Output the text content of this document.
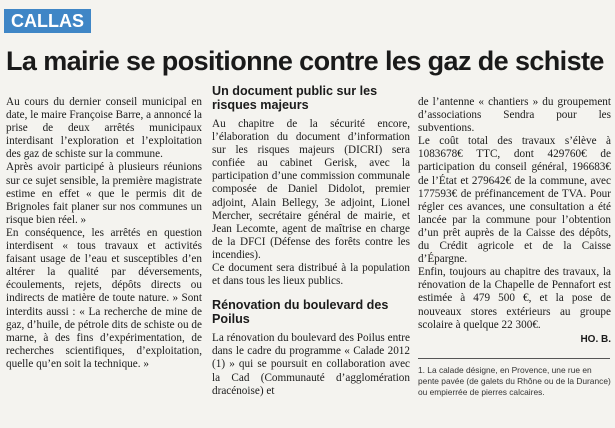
CALLAS
La mairie se positionne contre les gaz de schiste

Au cours du dernier conseil municipal en date, le maire Françoise Barre, a annoncé la prise de deux arrêtés municipaux interdisant l’exploration et l’exploitation des gaz de schiste sur la commune.

Après avoir participé à plusieurs réunions sur ce sujet sensible, la première magistrate estime en effet « que le permis dit de Brignoles fait planer sur nos communes un risque bien réel. »

En conséquence, les arrêtés en question interdisent « tous travaux et activités faisant usage de l’eau et susceptibles d’en altérer la qualité par déversements, écoulements, rejets, dépôts directs ou indirects de matière de toute nature. » Sont interdits aussi : « La recherche de mine de gaz, d’huile, de pétrole dits de schiste ou de marne, à des fins d’expérimentation, de recherches scientifiques, d’exploitation, quelle qu’en soit la technique. »

Un document public sur les risques majeurs

Au chapitre de la sécurité encore, l’élaboration du document d’information sur les risques majeurs (DICRI) sera confiée au cabinet Gerisk, avec la participation d’une commission communale composée de Daniel Didolot, premier adjoint, Alain Bellegy, 3e adjoint, Lionel Mercher, secrétaire général de mairie, et Jean Lecomte, agent de maîtrise en charge de la DFCI (Défense des forêts contre les incendies).

Ce document sera distribué à la population et dans tous les lieux publics.

Rénovation du boulevard des Poilus

La rénovation du boulevard des Poilus entre dans le cadre du programme « Calade 2012 (1) » qui se poursuit en collaboration avec la Cad (Communauté d’agglomération dracénoise) et

de l’antenne « chantiers » du groupement d’associations Sendra pour les subventions.

Le coût total des travaux s’élève à 1083678€ TTC, dont 429760€ de participation du conseil général, 196683€ de l’État et 279642€ de la commune, avec 177593€ de préfinancement de TVA. Pour régler ces avances, une consultation a été lancée par la commune pour l’obtention d’un prêt auprès de la Caisse des dépôts, du Crédit agricole et de la Caisse d’Épargne.

Enfin, toujours au chapitre des travaux, la rénovation de la Chapelle de Pennafort est estimée à 479 500 €, et la pose de nouveaux stores extérieurs au groupe scolaire à quelque 22 300€.

HO. B.
1. La calade désigne, en Provence, une rue en pente pavée (de galets du Rhône ou de la Durance) ou empierrée de pierres calcaires.
